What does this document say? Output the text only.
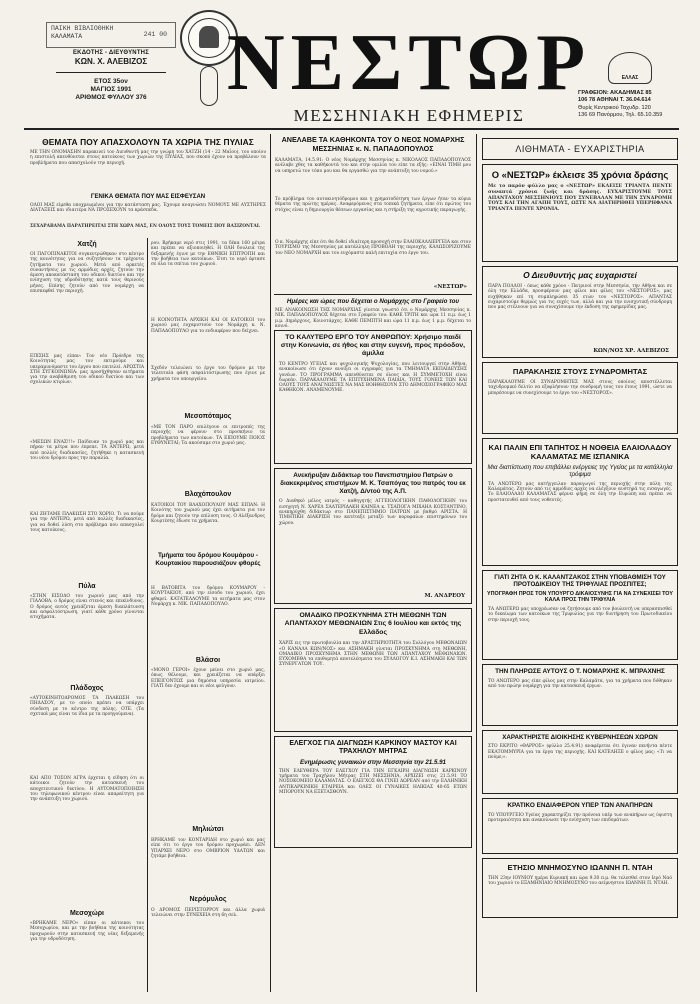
ΠΑΙΚΗ ΒΙΒΛΙΟΘΗΚΗ
ΚΑΛΑΜΑΤΑ	241 00
ΕΚΔΟΤΗΣ - ΔΙΕΥΘΥΝΤΗΣ
ΚΩΝ. Χ. ΑΛΕΒΙΖΟΣ
ΕΤΟΣ 35ον
ΜΑΓΙΟΣ 1991
ΑΡΙΘΜΟΣ ΦΥΛΛΟΥ 376	ΝΕΣΤΩΡ
ΜΕΣΣΗΝΙΑΚΗ ΕΦΗΜΕΡΙΣ
ΕΛΛΑΣ
ΓΡΑΦΕΙΟΝ: ΑΚΑΔΗΜΙΑΣ 85
106 78 ΑΘΗΝΑΙ Τ. 36.04.614
Θυρίς Κεντρικού Ταχυδρ. 120
136 69 Πανόρμου, Τηλ. 65.10.359
ΘΕΜΑΤΑ ΠΟΥ ΑΠΑΣΧΟΛΟΥΝ ΤΑ ΧΩΡΙΑ ΤΗΣ ΠΥΛΙΑΣ
ΜΕ ΤΗΝ ΟΝΟΜΑΣΗΝ παρακινεί τον Διευθυντή μας την γνώμη του ΧΑΤΖΗ (14 - 22 Μαΐου), του οποίου η επιστολή απευθύνεται στους κατοίκους των χωριών της ΠΥΛΙΑΣ, που σκοπό έχουν να προβάλουν τα προβλήματα που απασχολούν την περιοχή.
ΓΕΝΙΚΑ ΘΕΜΑΤΑ ΠΟΥ ΜΑΣ ΕΙΣΦΕΥΣΑΝ
ΟΛΟΙ ΜΑΣ είμεθα υποχρεωμένοι για την κατάσταση μας. Έχουμε αναγνώσει ΝΟΜΟΥΣ ΜΕ ΑΥΣΤΗΡΕΣ ΔΙΑΤΑΞΕΙΣ και ιδιαιτέρα ΝΑ ΠΡΟΣΕΧΟΥΝ τα κράσπεδα.
ΣΕΧΑΡΑΒΑΜΑ ΠΑΡΑΤΗΡΕΙΤΑΙ ΣΤΗ ΧΩΡΑ ΜΑΣ, ΕΝ ΟΛΟΥΣ ΤΟΥΣ ΤΟΜΕΙΣ ΠΟΥ ΒΑΣΙΖΟΝΤΑΙ.
Χατζή
ΟΙ ΠΑΓΟΠΙΝΑΚΙΤΟΙ συγκεντρώθηκαν στο κέντρο της κοινότητας για να συζητήσουν τα τρέχοντα ζητήματα του χωριού. Μετά από αρκετές συναντήσεις με τις αρμόδιες αρχές, ζητούν την άμεση αποκατάσταση του οδικού δικτύου και την ενίσχυση της υδροδότησης κατά τους θερινούς μήνες. Επίσης ζητούν από τον νομάρχη να επισκεφθεί την περιοχή.
ΕΠΙΣΗΣ μας είπαν: Τον νέο Πρόεδρο της Κοινότητας μας τον εκτιμούμε και υπεραμυνόμαστε του έργου που επιτελεί. ΑΡΩΣΤΙΑ ΣΤΗ ΣΥΓΚΟΙΝΩΝΙΑ: μας προσήχθησαν αιτήματα για την αναβάθμιση του οδικού δικτύου και των σχολικών κτιρίων.
«ΜΕΣΩΝ ΕΝΑΣ!!!» Παίδευαν το χωριό μας και πήραν τα μέτρα που έπρεπε. ΤΑ ΑΝΤΕΡΩ, μετά από πολλές διαδικασίες, ζητήθηκε η κατασκευή του νέου δρόμου προς την παραλία.
ΚΑΙ ΖΗΤΑΜΕ ΠΛΑΚΩΣΗ ΣΤΟ ΧΩΡΙΟ. Τι να πούμε για την ΑΝΤΕΡΩ, μετά από πολλές διαδικασίες, για να δοθεί λύση στο πρόβλημα που απασχολεί τους κατοίκους.
Πύλα
«ΣΤΗΝ ΕΙΣΟΔΟ του χωριού μας από την ΓΙΑΛΟΒΑ, ο δρόμος είναι στενός και επικίνδυνος. Ο δρόμος αυτός χρειάζεται άμεση διαπλάτυνση και ασφαλτόστρωση, γιατί κάθε χρόνο γίνονται ατυχήματα.
Πλάδοχος
«ΑΥΤΟΚΙΝΗΤΟΔΡΟΜΟΣ ΤΑ ΠΛΑΚΩΣΗ του ΠΗΔΑΣΟΥ, με το οποίο πρέπει να υπάρχει σύνδεση με το κέντρο της πόλης. ΟΤΕ. (Τα σχετικά μας είναι τα ίδια με τα προηγούμενα).
ΚΑΙ ΑΠΟ ΤΟΣΟΝ ΑΓΡΑ έρχεται η είδηση ότι οι κάτοικοι ζητούν την κατασκευή του αποχετευτικού δικτύου. Η ΑΥΤΟΜΑΤΟΠΟΙΗΣΗ του τηλεφωνικού κέντρου είναι απαραίτητη για την ανάπτυξη του χωριού.
Μεσοχώρι
«ΒΡΗΚΑΜΕ ΝΕΡΟ» είπαν οι κάτοικοι του Μεσοχωρίου, και με την βοήθεια της κοινότητας προχωρούν στην κατασκευή της νέας δεξαμενής για την υδροδότηση.
ρου. Βρήκαμε νερό στις 1991, τα δέκα 160 μέτρα και πρέπει να αξιοποιηθεί. Η ΟΛΗ δουλειά της δεξαμενής έγινε με την ΕΘΝΙΚΗ ΕΠΙΤΡΟΠΗ και την βοήθεια των κατοίκων. Έτσι το νερό έφτασε σε όλα τα σπίτια του χωριού.
Η ΚΟΙΝΟΤΗΤΑ ΑΡΧΙΚΗ ΚΑΙ ΟΙ ΚΑΤΟΙΚΟΙ του χωριού μας ευχαριστούν τον Νομάρχη κ. Ν. ΠΑΠΑΔΟΠΟΥΛΟ για το ενδιαφέρον που δείχνει.
Σχεδόν τελειώνει το έργο του δρόμου με την τελευταία φάση ασφαλτόστρωσης που έγινε με χρήματα του υπουργείου.
Μεσοπόταμος
«ΜΕ ΤΟΝ ΠΑΡΟ επιλέγουν οι επιτροπές της περιοχής να φέρουν στο προσκήνιο τα προβλήματα των κατοίκων. ΤΑ ΕΙΠΟΥΜΕ ΠΟΙΟΣ ΕΥΘΥΝΕΤΑΙ; Τα ακούσαμε στο χωριό μας.
Βλαχόπουλον
ΚΑΤΟΙΚΟΙ ΤΟΥ ΒΛΑΧΟΠΟΥΛΟΥ ΜΑΣ ΕΙΠΑΝ: Η Κοινότης του χωριού μας έχει αιτήματα για τον δρόμο και ζητούν την επίλυση τους. Ο Αλέξανδρος Κουρτέσης έδωσε τα χρήματα.
Τμήματα του δρόμου Κουμάρου - Κουρτακίου παρουσιάζουν φθορές
Η ΒΑΤΟΒΙΤΑ του δρόμου ΚΟΥΜΑΡΟΥ - ΚΟΥΡΤΑΚΙΟΥ, από την είσοδο του χωριού, έχει φθαρεί. ΚΑΤΑΤΕΛΛΟΥΜΕ τα αιτήματα μας στον Νομάρχη κ. ΝΙΚ. ΠΑΠΑΔΟΠΟΥΛΟ.
Βλάσοι
«ΜΟΝΟ ΓΕΡΟΙ» έχουν μείνει στο χωριό μας, όπως θέλουμε, και χρειάζεται να υπάρξει ΕΠΕΙΓΟΝΤΩΣ μια δημόσια υπηρεσία ιατρείου. ΓΙΑΤΙ δεν έχουμε και οι νέοι φεύγουν.
Μηλιώτσι
ΒΡΗΚΑΜΕ τον ΚΟΝΤΑΡΙΔΗ στο χωριό και μας είπε ότι το έργο του δρόμου προχωράει. ΔΕΝ ΥΠΑΡΧΕΙ ΝΕΡΟ στο ΟΜΒΡΙΟΝ ΥΔΑΤΩΝ και ζητάμε βοήθεια.
Νερόμυλος
Ο ΔΡΟΜΟΣ ΠΕΡΙΣΤΟΡΡΟΥ και άλλα χωριά τελειώνει στην ΣΥΝΕΧΕΙΑ στη 6η σελ.
ΑΝΕΛΑΒΕ ΤΑ ΚΑΘΗΚΟΝΤΑ ΤΟΥ Ο ΝΕΟΣ ΝΟΜΑΡΧΗΣ ΜΕΣΣΗΝΙΑΣ κ. Ν. ΠΑΠΑΔΟΠΟΥΛΟΣ
ΚΑΛΑΜΑΤΑ, 14.5.91: Ο νέος Νομάρχης Μεσσηνίας κ. ΝΙΚΟΛΑΟΣ ΠΑΠΑΔΟΠΟΥΛΟΣ ανέλαβε χθες τα καθήκοντά του και στην ομιλία του είπε τα εξής: «ΕΙΝΑΙ ΤΙΜΗ μου να υπηρετώ τον τόπο μου και θα εργασθώ για την ανάπτυξη του νομού.»
Το πρόβλημα του αυτοκινητόδρομου και η χρηματοδότηση των έργων ήταν τα κύρια θέματα της πρώτης ημέρας. Αναφερόμενος στα τοπικά ζητήματα, είπε ότι πρώτος του στόχος είναι η δημιουργία θέσεων εργασίας και η στήριξη της αγροτικής παραγωγής.
Ο κ. Νομάρχης είπε ότι θα δοθεί ιδιαίτερη προσοχή στην ΕΛΑΙΟΚΑΛΛΙΕΡΓΕΙΑ και στον ΤΟΥΡΙΣΜΟ της Μεσσηνίας με κατάλληλη ΠΡΟΒΟΛΗ της περιοχής. ΚΑΛΩΣΟΡΙΖΟΥΜΕ τον ΝΕΟ ΝΟΜΑΡΧΗ και του ευχόμαστε καλή επιτυχία στο έργο του.
«ΝΕΣΤΩΡ»
Ημέρες και ώρες που δέχεται ο Νομάρχης στο Γραφείο του
ΜΕ ΑΝΑΚΟΙΝΩΣΗ ΤΗΣ ΝΟΜΑΡΧΙΑΣ γίνεται γνωστό ότι ο Νομάρχης Μεσσηνίας κ. ΝΙΚ. ΠΑΠΑΔΟΠΟΥΛΟΣ δέχεται στο Γραφείο του: ΚΑΘΕ ΤΡΙΤΗ και ώρα 11 π.μ. έως 1 μ.μ. Δημάρχους, Κοινοτάρχες. ΚΑΘΕ ΠΕΜΠΤΗ και ώρα 11 π.μ. έως 1 μ.μ. δέχεται το κοινό.
ΤΟ ΚΑΛΥΤΕΡΟ ΕΡΓΟ ΤΟΥ ΑΝΘΡΩΠΟΥ: Χρήσιμο παιδί στην Κοινωνία, σε ήθος και στην ευγενή, προς πρόοδον, άμιλλα
ΤΟ ΚΕΝΤΡΟ ΥΓΕΙΑΣ και ψυχολογικής Ψυχολογίας, που λειτουργεί στην Αθήνα, ανακοίνωσε ότι έχουν ανοίξει οι εγγραφές για τα ΤΜΗΜΑΤΑ ΕΚΠΑΙΔΕΥΣΗΣ γονέων. ΤΟ ΠΡΟΓΡΑΜΜΑ απευθύνεται σε όλους και Η ΣΥΜΜΕΤΟΧΗ είναι δωρεάν. ΠΑΡΑΚΑΛΟΥΜΕ ΤΑ ΕΠΙΤΥΧΗΜΕΝΑ ΠΑΙΔΙΑ, ΤΟΥΣ ΓΟΝΕΙΣ ΤΩΝ ΚΑΙ ΟΛΟΥΣ ΤΟΥΣ ΑΝΑΓΝΩΣΤΕΣ ΝΑ ΜΑΣ ΒΟΗΘΗΣΟΥΝ ΣΤΟ ΔΗΜΟΣΙΟΓΡΑΦΙΚΟ ΜΑΣ ΚΑΘΗΚΟΝ. ΑΝΑΜΕΝΟΥΜΕ.
Ανεκήρυξαν Διδάκτωρ του Πανεπιστημίου Πατρών ο διακεκριμένος επιστήμων Μ. Κ. Τσαπόγας του πατρός του εκ Χατζή, Δ/ντού της Α.Π.
Ο Διαθηκό μέλος ιατρός - καθηγητής ΑΓΓΕΙΟΛΟΓΙΚΗΝ ΠΑΘΟΛΟΓΙΚΗΝ του εισηγητή Ν. ΧΑΡΕΛ ΣΑΛΤΕΡΙΔΑΚΗ ΚΑΙΝΕΑ κ. ΤΣΑΠΟΓΑ ΜΙΧΑΗΛ ΚΟΣΤΑΝΤΙΝΟ, ανεκηρύχθη διδάκτωρ στο ΠΑΝΕΠΙΣΤΗΜΙΟ ΠΑΤΡΩΝ με βαθμό ΑΡΙΣΤΑ. Η ΤΙΜΗΤΙΚΗ ΔΙΑΚΡΙΣΗ τον κατέταξε μεταξύ των κορυφαίων επιστημόνων του χώρου.
Μ. ΑΝΔΡΕΟΥ
ΟΜΑΔΙΚΟ ΠΡΟΣΚΥΝΗΜΑ ΣΤΗ ΜΕΘΩΝΗ ΤΩΝ ΑΠΑΝΤΑΧΟΥ ΜΕΘΩΝΑΙΩΝ Στις 6 Ιουλίου και εκτός της Ελλάδος
ΧΑΡΙΣ εις την πρωτοβουλία και την ΔΡΑΣΤΗΡΙΟΤΗΤΑ του Συλλόγου ΜΕΘΩΝΑΙΩΝ «Ο ΚΑΝΑΛΑ ΚΩΝ/ΝΟΣ» και ΑΣΗΜΑΚΗ γίνεται ΠΡΟΣΚΥΝΗΜΑ στη ΜΕΘΩΝΗ, ΟΜΑΔΙΚΟ ΠΡΟΣΚΥΝΗΜΑ ΣΤΗΝ ΜΕΘΩΝΗ ΤΩΝ ΑΠΑΝΤΑΧΟΥ ΜΕΘΩΝΑΙΩΝ. ΕΥΧΟΜΕΘΑ τα επιθυμητά αποτελέσματα του ΣΥΛΛΟΓΟΥ Κ.Ι. ΑΣΗΜΑΚΗ ΚΑΙ ΤΩΝ ΣΥΝΕΡΓΑΤΩΝ ΤΟΥ.
ΕΛΕΓΧΟΣ ΓΙΑ ΔΙΑΓΝΩΣΗ ΚΑΡΚΙΝΟΥ ΜΑΣΤΟΥ ΚΑΙ ΤΡΑΧΗΛΟΥ ΜΗΤΡΑΣ
Ενημέρωσις γυναικών στην Μεσσηνία την 21.5.91
ΤΗΝ ΕΛΕΥΘΕΡΑ ΤΟΥ ΕΛΕΓΧΟΥ ΓΙΑ ΤΗΝ ΕΓΚΑΙΡΗ ΔΙΑΓΝΩΣΗ ΚΑΡΚΙΝΟΥ τμήματα του Τραχήλου Μήτρας ΣΤΗ ΜΕΣΣΗΝΙΑ, ΑΡΧΙΖΕΙ στις 21.5.91 ΤΟ ΝΟΣΟΚΟΜΕΙΟ ΚΑΛΑΜΑΤΑΣ. Ο ΕΛΕΓΧΟΣ ΘΑ ΓΙΝΕΙ ΔΩΡΕΑΝ από την ΕΛΛΗΝΙΚΗ ΑΝΤΙΚΑΡΚΙΝΙΚΗ ΕΤΑΙΡΕΙΑ και ΟΛΕΣ ΟΙ ΓΥΝΑΙΚΕΣ ΗΛΙΚΙΑΣ 40-65 ΕΤΩΝ ΜΠΟΡΟΥΝ ΝΑ ΕΞΕΤΑΣΘΟΥΝ.
ΛΙΘΗΜΑΤΑ - ΕΥΧΑΡΙΣΤΗΡΙΑ
Ο «ΝΕΣΤΩΡ» έκλεισε 35 χρόνια δράσης
Με το παρόν φύλλο μας ο «ΝΕΣΤΩΡ» ΕΚΛΕΙΣΕ ΤΡΙΑΝΤΑ ΠΕΝΤΕ συναπτά χρόνια ζωής και δράσης. ΕΥΧΑΡΙΣΤΟΥΜΕ ΤΟΥΣ ΑΠΑΝΤΑΧΟΥ ΜΕΣΣΗΝΙΟΥΣ ΠΟΥ ΣΥΝΕΒΑΛΑΝ ΜΕ ΤΗΝ ΣΥΝΔΡΟΜΗ ΤΟΥΣ ΚΑΙ ΤΗΝ ΑΓΑΠΗ ΤΟΥΣ, ΩΣΤΕ ΝΑ ΔΙΑΤΗΡΗΘΕΙ ΥΠΕΡΗΦΑΝΑ ΤΡΙΑΝΤΑ ΠΕΝΤΕ ΧΡΟΝΙΑ.
Ο Διευθυντής μας ευχαριστεί
ΠΑΡΑ ΠΟΛΛΟΙ - όπως κάθε χρόνο - Πατρινοί στην Μεσσηνία, την Αθήνα και σε όλη την Ελλάδα, προσφέρουν μας φίλοι και φίλες του «ΝΕΣΤΟΡΟΣ», μας ευχήθηκαν επί τη συμπληρώσει 35 ετών του «ΝΕΣΤΟΡΟΣ». ΑΠΑΝΤΑΣ ευχαριστούμε θερμώς για τις ευχές των, αλλά και για την ενισχυτική σύνδρομη που μας στέλνουν για να συνεχίσουμε την έκδοση της εφημερίδας μας.
ΚΩΝ/ΝΟΣ ΧΡ. ΑΛΕΒΙΖΟΣ
ΠΑΡΑΚΛΗΣΙΣ ΣΤΟΥΣ ΣΥΝΔΡΟΜΗΤΑΣ
ΠΑΡΑΚΑΛΟΥΜΕ ΟΙ ΣΥΝΔΡΟΜΗΤΕΣ ΜΑΣ στους οποίους αποστέλλεται ταχυδρομικό δελτίο να εξοφλήσουν την συνδρομή τους του έτους 1991, ώστε να μπορέσουμε να συνεχίσουμε το έργο του «ΝΕΣΤΟΡΟΣ».
ΚΑΙ ΠΑΛΙΝ ΕΠΙ ΤΑΠΗΤΟΣ Η ΝΟΘΕΙΑ ΕΛΑΙΟΛΑΔΟΥ ΚΑΛΑΜΑΤΑΣ ΜΕ ΙΣΠΑΝΙΚΑ
Μια διαπίστωση που επιβάλλει ενέργειες της Υγείας με τα κατάλληλα τρόφιμα
ΤΑ ΑΝΩΤΕΡΩ μας κατήγγειλαν παραγωγοί της περιοχής στην πόλη της Καλαμάτας. Ζητούν από τις αρμόδιες αρχές να ελέγξουν αυστηρά τις εισαγωγές. Το ΕΛΑΙΟΛΑΔΟ ΚΑΛΑΜΑΤΑΣ φέρνει φήμη σε όλη την Ευρώπη και πρέπει να προστατευθεί από τους νοθευτές.
ΓΙΑΤΙ ΖΗΤΑ Ο Κ. ΚΑΛΑΝΤΖΑΚΟΣ ΣΤΗΝ ΥΠΟΒΑΘΜΙΣΗ ΤΟΥ ΠΡΟΤΟΔΙΚΕΙΟΥ ΤΗΣ ΤΡΙΦΥΛΙΑΣ ΠΡΟΣΠΙΤΕΣ;
ΥΠΟΓΡΑΦΗ ΠΡΟΣ ΤΟΝ ΥΠΟΥΡΓΟ ΔΙΚΑΙΟΣΥΝΗΣ ΓΙΑ ΝΑ ΣΥΝΕΧΙΣΕΙ ΤΟΥ ΚΑΛΑ ΠΡΟΣ ΤΗΝ ΤΡΙΦΥΛΙΑ
ΤΑ ΑΝΩΤΕΡΩ μας υποχρέωσαν να ζητήσουμε από τον βουλευτή να υπερασπισθεί το δικαίωμα των κατοίκων της Τριφυλίας για την διατήρηση του Πρωτοδικείου στην περιοχή τους.
ΤΗΝ ΠΛΗΡΩΣΕ ΑΥΤΟΥΣ Ο Τ. ΝΟΜΑΡΧΗΣ Κ. ΜΠΡΑΧΝΗΣ
ΤΟ ΑΝΩΤΕΡΟ μας είπε φίλος μας στην Καλαμάτα, για τα χρήματα που δόθηκαν από τον πρώην νομάρχη για την κατασκευή έργων.
ΧΑΡΑΚΤΗΡΙΣΤΕ ΔΙΟΙΚΗΣΗΣ ΚΥΒΕΡΝΗΣΕΩΝ ΧΩΡΩΝ
ΣΤΟ ΕΚΡΙΤΟ «ΘΑΡΡΟΣ» (φύλλο 25.4.91) αναφέρεται ότι έγιναν πενήντα πέντε ΕΚΑΤΟΜΜΥΡΙΑ για τα έργα της περιοχής. ΚΑΙ ΚΑΤΕΛΗΞΕ ο φίλος μας: «Τι να πούμε;».
ΚΡΑΤΙΚΟ ΕΝΔΙΑΦΕΡΟΝ ΥΠΕΡ ΤΩΝ ΑΝΑΠΗΡΩΝ
ΤΟ ΥΠΟΥΡΓΕΙΟ Υγείας χαρακτηρίζει την πρόνοια υπέρ των αναπήρων ως ύψιστη προτεραιότητα και ανακοίνωσε την ενίσχυση των επιδομάτων.
ΕΤΗΣΙΟ ΜΝΗΜΟΣΥΝΟ ΙΩΑΝΝΗ Π. ΝΤΑΗ
ΤΗΝ 23ην ΙΟΥΝΙΟΥ ημέρα Κυριακή και ώρα 9.30 π.μ. θα τελεσθεί στον Ιερό Ναό του χωριού το ΕΞΑΜΗΝΙΑΙΟ ΜΝΗΜΟΣΥΝΟ του αείμνηστου ΙΩΑΝΝΗ Π. ΝΤΑΗ.
